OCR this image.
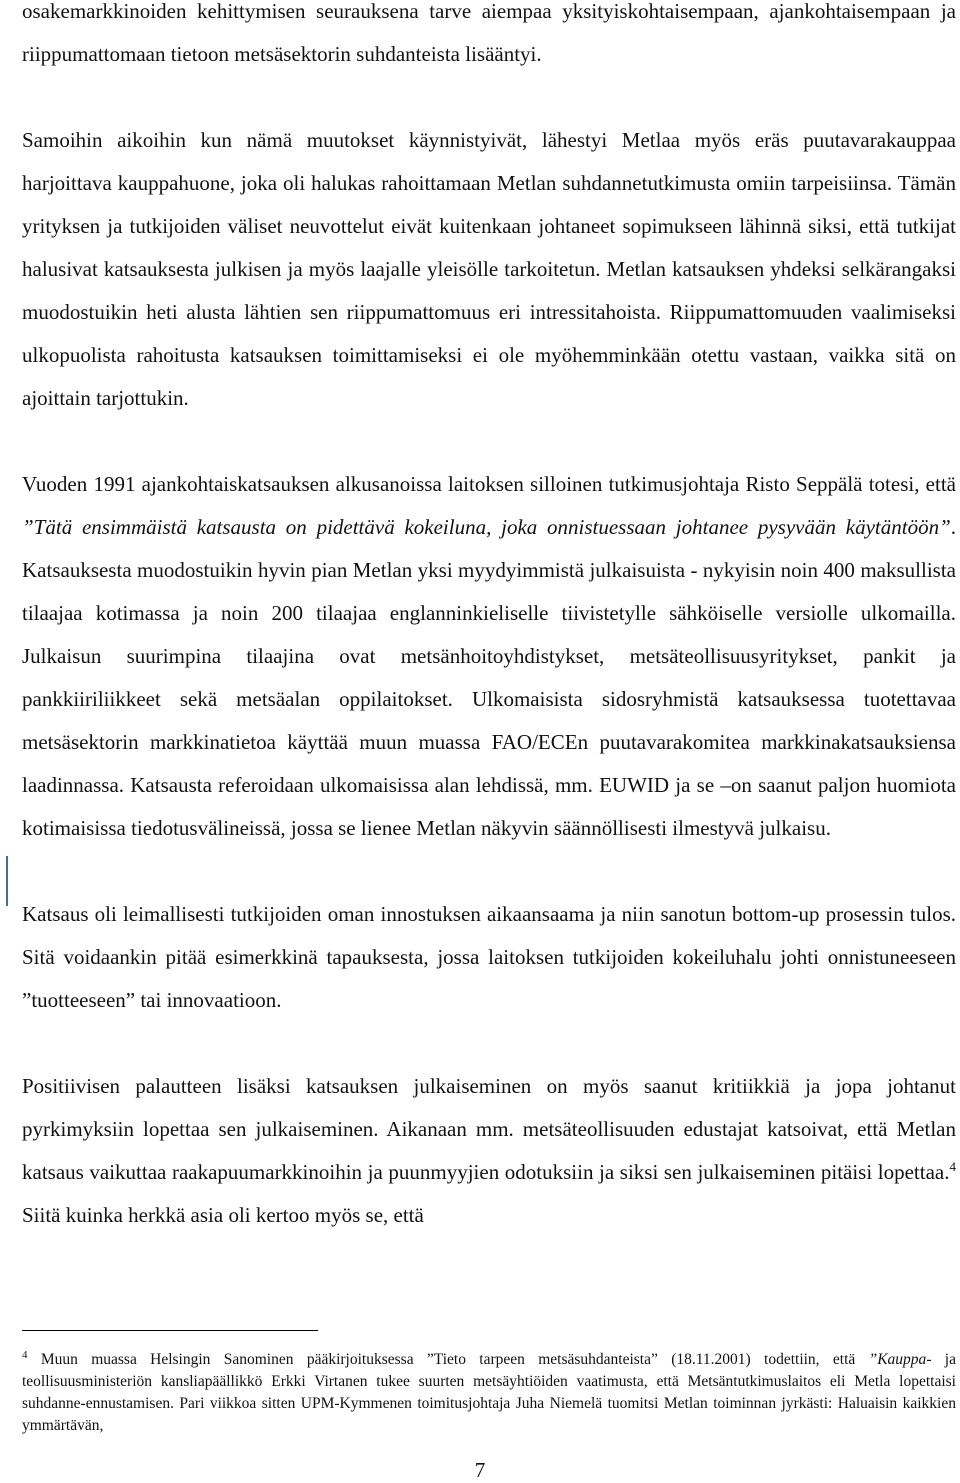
osakemarkkinoiden kehittymisen seurauksena tarve aiempaa yksityiskohtaisempaan, ajankohtaisempaan ja riippumattomaan tietoon metsäsektorin suhdanteista lisääntyi.

Samoihin aikoihin kun nämä muutokset käynnistyivät, lähestyi Metlaa myös eräs puutavarakauppaa harjoittava kauppahuone, joka oli halukas rahoittamaan Metlan suhdannetutkimusta omiin tarpeisiinsa. Tämän yrityksen ja tutkijoiden väliset neuvottelut eivät kuitenkaan johtaneet sopimukseen lähinnä siksi, että tutkijat halusivat katsauksesta julkisen ja myös laajalle yleisölle tarkoitetun. Metlan katsauksen yhdeksi selkärangaksi muodostuikin heti alusta lähtien sen riippumattomuus eri intressitahoista. Riippumattomuuden vaalimiseksi ulkopuolista rahoitusta katsauksen toimittamiseksi ei ole myöhemminkään otettu vastaan, vaikka sitä on ajoittain tarjottukin.

Vuoden 1991 ajankohtaiskatsauksen alkusanoissa laitoksen silloinen tutkimusjohtaja Risto Seppälä totesi, että ”Tätä ensimmäistä katsausta on pidettävä kokeiluna, joka onnistuessaan johtanee pysyvään käytäntöön”. Katsauksesta muodostuikin hyvin pian Metlan yksi myydyimmistä julkaisuista - nykyisin noin 400 maksullista tilaajaa kotimassa ja noin 200 tilaajaa englanninkieliselle tiivistetylle sähköiselle versiolle ulkomailla. Julkaisun suurimpina tilaajina ovat metsänhoitoyhdistykset, metsäteollisuusyritykset, pankit ja pankkiiriliikkeet sekä metsäalan oppilaitokset. Ulkomaisista sidosryhmistä katsauksessa tuotettavaa metsäsektorin markkinatietoa käyttää muun muassa FAO/ECEn puutavarakomitea markkinakatsauksiensa laadinnassa. Katsausta referoidaan ulkomaisissa alan lehdissä, mm. EUWID ja se –on saanut paljon huomiota kotimaisissa tiedotusvälineissä, jossa se lienee Metlan näkyvin säännöllisesti ilmestyvä julkaisu.

Katsaus oli leimallisesti tutkijoiden oman innostuksen aikaansaama ja niin sanotun bottom-up prosessin tulos. Sitä voidaankin pitää esimerkkinä tapauksesta, jossa laitoksen tutkijoiden kokeiluhalu johti onnistuneeseen ”tuotteeseen” tai innovaatioon.

Positiivisen palautteen lisäksi katsauksen julkaiseminen on myös saanut kritiikkiä ja jopa johtanut pyrkimyksiin lopettaa sen julkaiseminen. Aikanaan mm. metsäteollisuuden edustajat katsoivat, että Metlan katsaus vaikuttaa raakapuumarkkinoihin ja puunmyyjien odotuksiin ja siksi sen julkaiseminen pitäisi lopettaa.$^4$ Siitä kuinka herkkä asia oli kertoo myös se, että

$^4$ Muun muassa Helsingin Sanominen pääkirjoituksessa ”Tieto tarpeen metsäsuhdanteista” (18.11.2001) todettiin, että ”Kauppa- ja teollisuusministeriön kansliapäällikkö Erkki Virtanen tukee suurten metsäyhtiöiden vaatimusta, että Metsäntutkimuslaitos eli Metla lopettaisi suhdanne-ennustamisen. Pari viikkoa sitten UPM-Kymmenen toimitusjohtaja Juha Niemelä tuomitsi Metlan toiminnan jyrkästi: Haluaisin kaikkien ymmärtävän,

7
